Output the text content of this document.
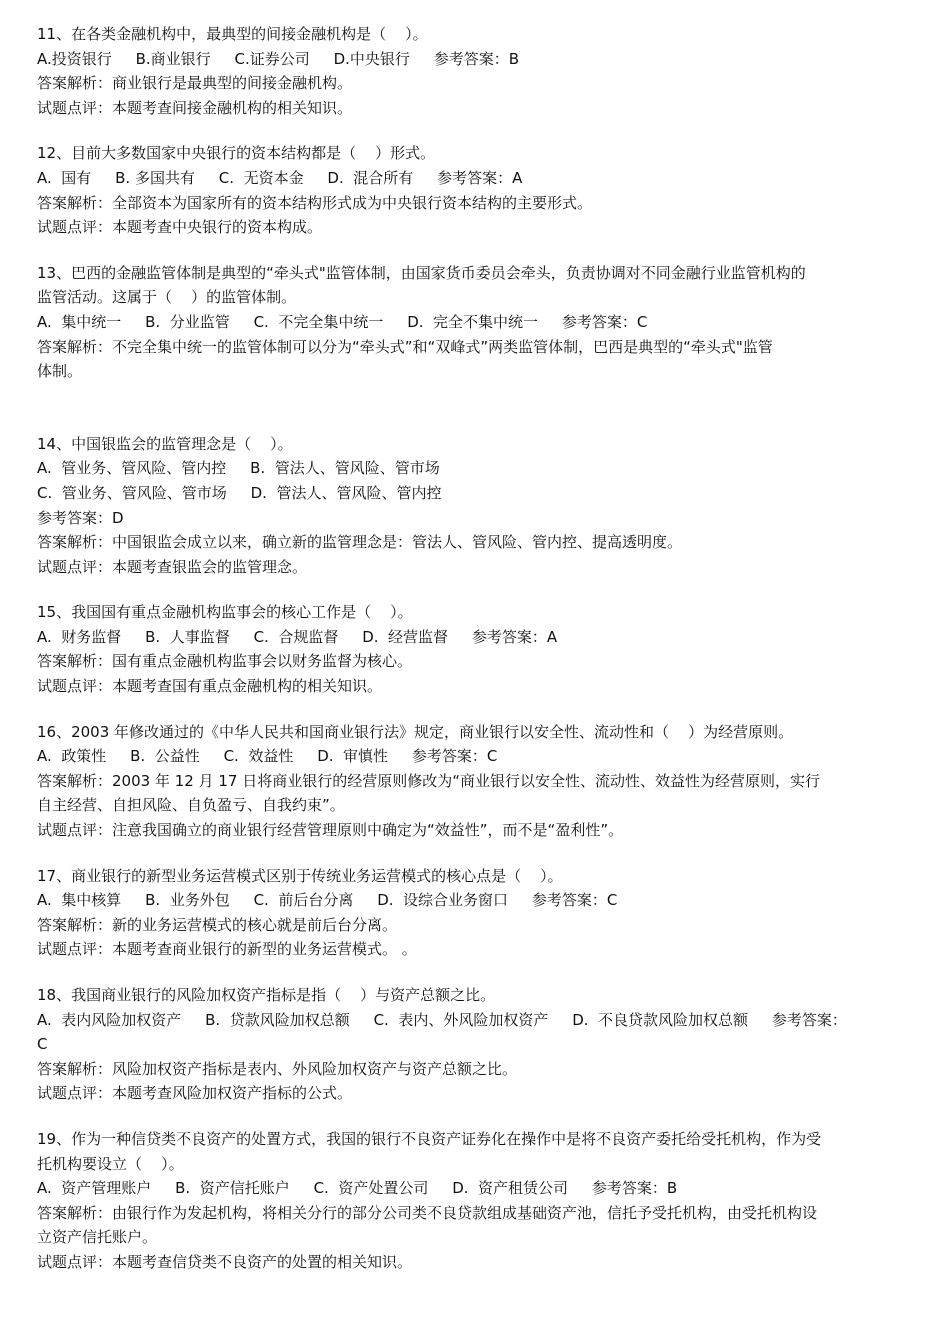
11、在各类金融机构中，最典型的间接金融机构是（    ）。

A.投资银行     B.商业银行     C.证券公司     D.中央银行     参考答案：B

答案解析：商业银行是最典型的间接金融机构。

试题点评：本题考查间接金融机构的相关知识。

12、目前大多数国家中央银行的资本结构都是（    ）形式。

A.  国有     B. 多国共有     C.  无资本金     D.  混合所有     参考答案：A

答案解析：全部资本为国家所有的资本结构形式成为中央银行资本结构的主要形式。

试题点评：本题考查中央银行的资本构成。

13、巴西的金融监管体制是典型的“牵头式"监管体制，由国家货币委员会牵头，负责协调对不同金融行业监管机构的

监管活动。这属于（    ）的监管体制。

A.  集中统一     B.  分业监管     C.  不完全集中统一     D.  完全不集中统一     参考答案：C

答案解析：不完全集中统一的监管体制可以分为“牵头式”和“双峰式”两类监管体制，巴西是典型的“牵头式"监管

体制。

14、中国银监会的监管理念是（    ）。

A.  管业务、管风险、管内控     B.  管法人、管风险、管市场

C.  管业务、管风险、管市场     D.  管法人、管风险、管内控

参考答案：D

答案解析：中国银监会成立以来，确立新的监管理念是：管法人、管风险、管内控、提高透明度。

试题点评：本题考查银监会的监管理念。

15、我国国有重点金融机构监事会的核心工作是（    ）。

A.  财务监督     B.  人事监督     C.  合规监督     D.  经营监督     参考答案：A

答案解析：国有重点金融机构监事会以财务监督为核心。

试题点评：本题考查国有重点金融机构的相关知识。

16、2003 年修改通过的《中华人民共和国商业银行法》规定，商业银行以安全性、流动性和（    ）为经营原则。

A.  政策性     B.  公益性     C.  效益性     D.  审慎性     参考答案：C

答案解析：2003 年 12 月 17 日将商业银行的经营原则修改为“商业银行以安全性、流动性、效益性为经营原则，实行

自主经营、自担风险、自负盈亏、自我约束”。

试题点评：注意我国确立的商业银行经营管理原则中确定为“效益性”，而不是“盈利性”。

17、商业银行的新型业务运营模式区别于传统业务运营模式的核心点是（    ）。

A.  集中核算     B.  业务外包     C.  前后台分离     D.  设综合业务窗口     参考答案：C

答案解析：新的业务运营模式的核心就是前后台分离。

试题点评：本题考查商业银行的新型的业务运营模式。 。

18、我国商业银行的风险加权资产指标是指（    ）与资产总额之比。

A.  表内风险加权资产     B.  贷款风险加权总额     C.  表内、外风险加权资产     D.  不良贷款风险加权总额     参考答案：

C

答案解析：风险加权资产指标是表内、外风险加权资产与资产总额之比。

试题点评：本题考查风险加权资产指标的公式。

19、作为一种信贷类不良资产的处置方式，我国的银行不良资产证券化在操作中是将不良资产委托给受托机构，作为受

托机构要设立（    ）。

A.  资产管理账户     B.  资产信托账户     C.  资产处置公司     D.  资产租赁公司     参考答案：B

答案解析：由银行作为发起机构，将相关分行的部分公司类不良贷款组成基础资产池，信托予受托机构，由受托机构设

立资产信托账户。

试题点评：本题考查信贷类不良资产的处置的相关知识。
